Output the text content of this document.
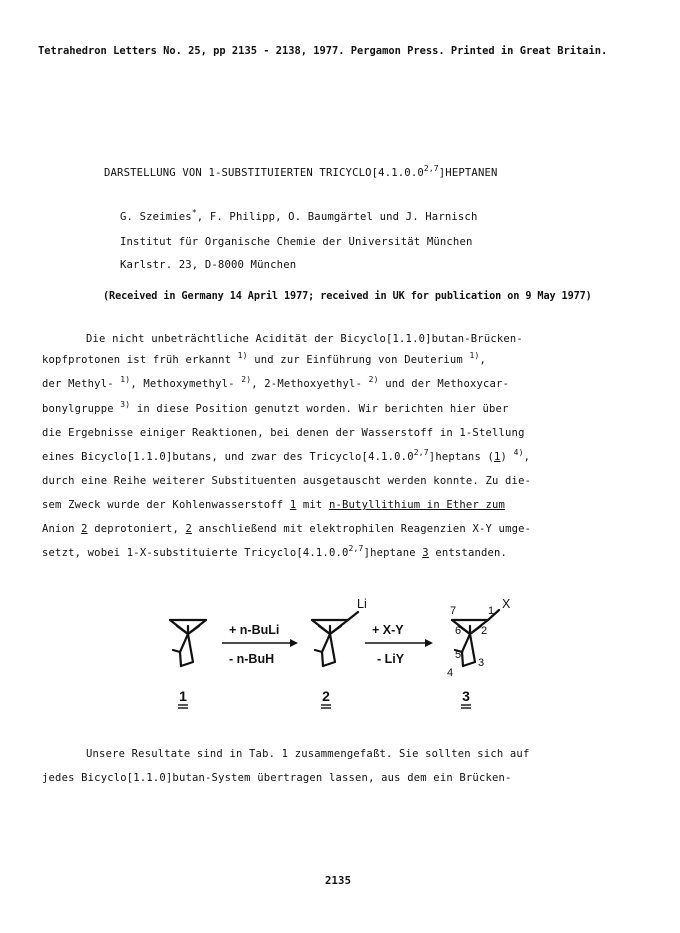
Tetrahedron Letters No. 25, pp 2135 - 2138, 1977. Pergamon Press. Printed in Great Britain.
DARSTELLUNG VON 1-SUBSTITUIERTEN TRICYCLO[4.1.0.0$^{2,7}$]HEPTANEN
G. Szeimies*, F. Philipp, O. Baumgärtel und J. Harnisch
Institut für Organische Chemie der Universität München
Karlstr. 23, D-8000 München
(Received in Germany 14 April 1977; received in UK for publication on 9 May 1977)
Die nicht unbeträchtliche Acidität der Bicyclo[1.1.0]butan-Brücken-
kopfprotonen ist früh erkannt $^{1)}$ und zur Einführung von Deuterium $^{1)}$,
der Methyl- $^{1)}$, Methoxymethyl- $^{2)}$, 2-Methoxyethyl- $^{2)}$ und der Methoxycar-
bonylgruppe $^{3)}$ in diese Position genutzt worden. Wir berichten hier über
die Ergebnisse einiger Reaktionen, bei denen der Wasserstoff in 1-Stellung
eines Bicyclo[1.1.0]butans, und zwar des Tricyclo[4.1.0.0$^{2,7}$]heptans (1) $^{4)}$,
durch eine Reihe weiterer Substituenten ausgetauscht werden konnte. Zu die-
sem Zweck wurde der Kohlenwasserstoff 1 mit n-Butyllithium in Ether zum
Anion 2 deprotoniert, 2 anschließend mit elektrophilen Reagenzien X-Y umge-
setzt, wobei 1-X-substituierte Tricyclo[4.1.0.0$^{2,7}$]heptane 3 entstanden.
+ n-BuLi
- n-BuH
+ X-Y
- LiY
Li	X
7	1
6 2
5
3
4
1	2	3
Unsere Resultate sind in Tab. 1 zusammengefaßt. Sie sollten sich auf
jedes Bicyclo[1.1.0]butan-System übertragen lassen, aus dem ein Brücken-
2135
